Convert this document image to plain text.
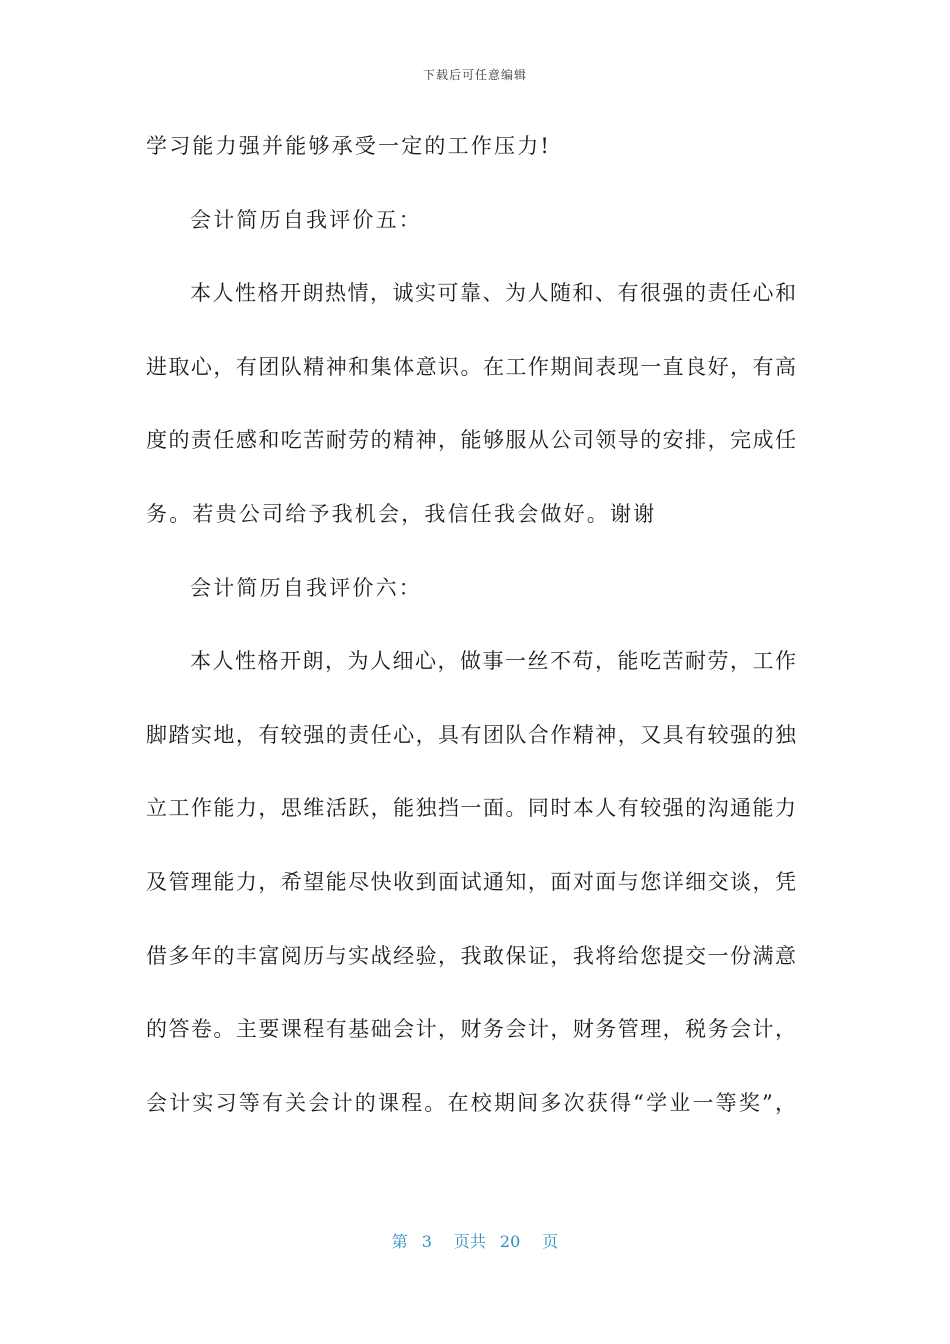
下载后可任意编辑
学习能力强并能够承受一定的工作压力!
会计简历自我评价五：
本人性格开朗热情，诚实可靠、为人随和、有很强的责任心和
进取心，有团队精神和集体意识。在工作期间表现一直良好，有高
度的责任感和吃苦耐劳的精神，能够服从公司领导的安排，完成任
务。若贵公司给予我机会，我信任我会做好。谢谢
会计简历自我评价六：
本人性格开朗，为人细心，做事一丝不苟，能吃苦耐劳，工作
脚踏实地，有较强的责任心，具有团队合作精神，又具有较强的独
立工作能力，思维活跃，能独挡一面。同时本人有较强的沟通能力
及管理能力，希望能尽快收到面试通知，面对面与您详细交谈，凭
借多年的丰富阅历与实战经验，我敢保证，我将给您提交一份满意
的答卷。主要课程有基础会计，财务会计，财务管理，税务会计，
会计实习等有关会计的课程。在校期间多次获得“学业一等奖”，
第 3 页共 20 页
